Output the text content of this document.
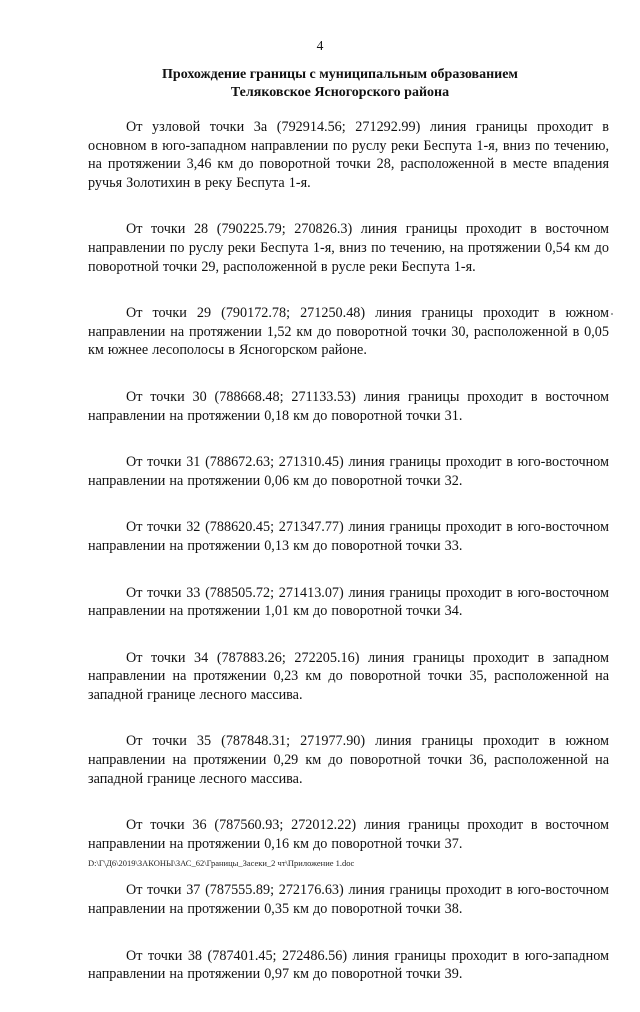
4
Прохождение границы с муниципальным образованием
Теляковское Ясногорского района

От узловой точки 3а (792914.56; 271292.99) линия границы проходит в основном в юго-западном направлении по руслу реки Беспута 1-я, вниз по течению, на протяжении 3,46 км до поворотной точки 28, расположенной в месте впадения ручья Золотихин в реку Беспута 1-я.

От точки 28 (790225.79; 270826.3) линия границы проходит в восточном направлении по руслу реки Беспута 1-я, вниз по течению, на протяжении 0,54 км до поворотной точки 29, расположенной в русле реки Беспута 1-я.

От точки 29 (790172.78; 271250.48) линия границы проходит в южном направлении на протяжении 1,52 км до поворотной точки 30, расположенной в 0,05 км южнее лесополосы в Ясногорском районе.

От точки 30 (788668.48; 271133.53) линия границы проходит в восточном направлении на протяжении 0,18 км до поворотной точки 31.

От точки 31 (788672.63; 271310.45) линия границы проходит в юго-восточном направлении на протяжении 0,06 км до поворотной точки 32.

От точки 32 (788620.45; 271347.77) линия границы проходит в юго-восточном направлении на протяжении 0,13 км до поворотной точки 33.

От точки 33 (788505.72; 271413.07) линия границы проходит в юго-восточном направлении на протяжении 1,01 км до поворотной точки 34.

От точки 34 (787883.26; 272205.16) линия границы проходит в западном направлении на протяжении 0,23 км до поворотной точки 35, расположенной на западной границе лесного массива.

От точки 35 (787848.31; 271977.90) линия границы проходит в южном направлении на протяжении 0,29 км до поворотной точки 36, расположенной на западной границе лесного массива.

От точки 36 (787560.93; 272012.22) линия границы проходит в восточном направлении на протяжении 0,16 км до поворотной точки 37.

От точки 37 (787555.89; 272176.63) линия границы проходит в юго-восточном направлении на протяжении 0,35 км до поворотной точки 38.

От точки 38 (787401.45; 272486.56) линия границы проходит в юго-западном направлении на протяжении 0,97 км до поворотной точки 39.

D:\Г\Д6\2019\ЗАКОНЫ\ЗАС_62\Границы_Засеки_2 чт\Приложение 1.doc
